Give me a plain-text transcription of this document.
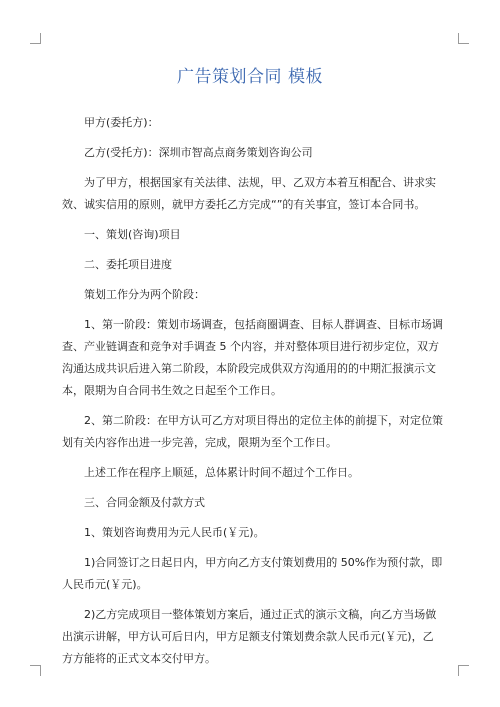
广告策划合同 模板

甲方(委托方)：

乙方(受托方)：深圳市智高点商务策划咨询公司

为了甲方，根据国家有关法律、法规，甲、乙双方本着互相配合、讲求实效、诚实信用的原则，就甲方委托乙方完成“”的有关事宜，签订本合同书。

一、策划(咨询)项目

二、委托项目进度

策划工作分为两个阶段：

1、第一阶段：策划市场调查，包括商圈调查、目标人群调查、目标市场调查、产业链调查和竞争对手调查 5 个内容，并对整体项目进行初步定位，双方沟通达成共识后进入第二阶段，本阶段完成供双方沟通用的的中期汇报演示文本，限期为自合同书生效之日起至个工作日。

2、第二阶段：在甲方认可乙方对项目得出的定位主体的前提下，对定位策划有关内容作出进一步完善，完成，限期为至个工作日。

上述工作在程序上顺延，总体累计时间不超过个工作日。

三、合同金额及付款方式

1、策划咨询费用为元人民币(￥元)。

1)合同签订之日起日内，甲方向乙方支付策划费用的 50%作为预付款，即人民币元(￥元)。

2)乙方完成项目一整体策划方案后，通过正式的演示文稿，向乙方当场做出演示讲解，甲方认可后日内，甲方足额支付策划费余款人民币元(￥元)，乙方方能将的正式文本交付甲方。
